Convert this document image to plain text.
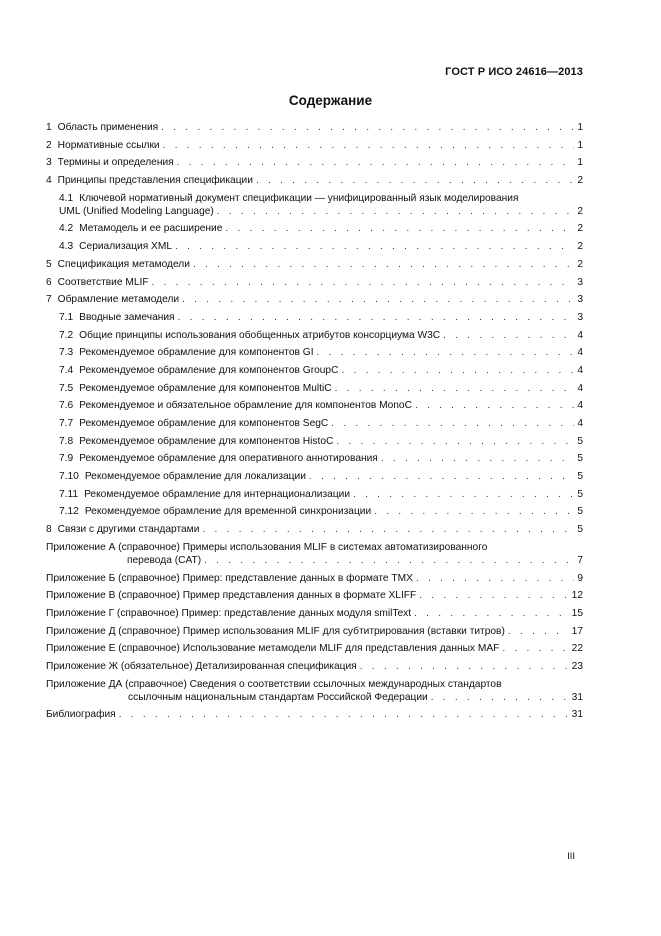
ГОСТ Р ИСО 24616—2013
Содержание
1 Область применения . . .	1
2 Нормативные ссылки . . .	1
3 Термины и определения . . .	1
4 Принципы представления спецификации . . .	2
4.1 Ключевой нормативный документ спецификации — унифицированный язык моделирования
UML (Unified Modeling Language) . . .	2
4.2 Метамодель и ее расширение . . .	2
4.3 Сериализация XML . . .	2
5 Спецификация метамодели . . .	2
6 Соответствие MLIF . . .	3
7 Обрамление метамодели . . .	3
7.1 Вводные замечания . . .	3
7.2 Общие принципы использования обобщенных атрибутов консорциума W3C . . .	4
7.3 Рекомендуемое обрамление для компонентов GI . . .	4
7.4 Рекомендуемое обрамление для компонентов GroupC . . .	4
7.5 Рекомендуемое обрамление для компонентов MultiC . . .	4
7.6 Рекомендуемое и обязательное обрамление для компонентов MonoC . . .	4
7.7 Рекомендуемое обрамление для компонентов SegC . . .	4
7.8 Рекомендуемое обрамление для компонентов HistoC . . .	5
7.9 Рекомендуемое обрамление для оперативного аннотирования . . .	5
7.10 Рекомендуемое обрамление для локализации . . .	5
7.11 Рекомендуемое обрамление для интернационализации . . .	5
7.12 Рекомендуемое обрамление для временной синхронизации . . .	5
8 Связи с другими стандартами . . .	5
Приложение А (справочное) Примеры использования MLIF в системах автоматизированного
перевода (CAT) . . .	7
Приложение Б (справочное) Пример: представление данных в формате TMX . . .	9
Приложение В (справочное) Пример представления данных в формате XLIFF . . .	12
Приложение Г (справочное) Пример: представление данных модуля smilText . . .	15
Приложение Д (справочное) Пример использования MLIF для субтитрирования (вставки титров) . . .	17
Приложение Е (справочное) Использование метамодели MLIF для представления данных MAF . . .	22
Приложение Ж (обязательное) Детализированная спецификация . . .	23
Приложение ДА (справочное) Сведения о соответствии ссылочных международных стандартов
ссылочным национальным стандартам Российской Федерации . . .	31
Библиография . . .	31
III
